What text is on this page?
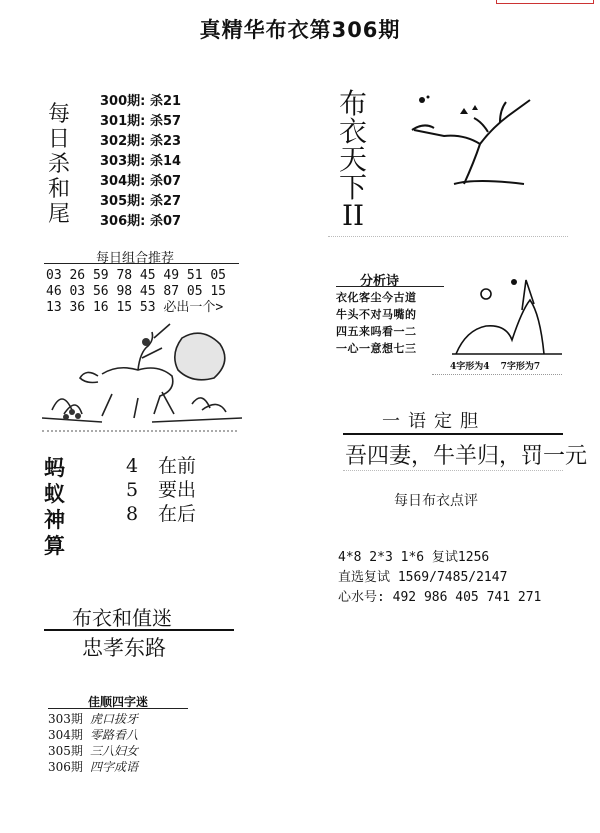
真精华布衣第306期
每
日
杀
和
尾
300期: 杀21
301期: 杀57
302期: 杀23
303期: 杀14
304期: 杀07
305期: 杀27
306期: 杀07
每日组合推荐
03 26 59 78 45 49 51 05
46 03 56 98 45 87 05 15
13 36 16 15 53 必出一个>
蚂
蚁
神
算
4 在前
5 要出
8 在后
布衣和值迷
忠孝东路
佳顺四字迷
303期 虎口拔牙
304期 零路看八
305期 三八妇女
306期 四字成语
布
衣
天
下
II
分析诗
衣化客尘今古道
牛头不对马嘴的
四五来吗看一二
一心一意想七三
4字形为4 7字形为7
一语定胆
吾四妻，牛羊归，罚一元
每日布衣点评
4*8 2*3 1*6 复试1256
直选复试 1569/7485/2147
心水号: 492 986 405 741 271
